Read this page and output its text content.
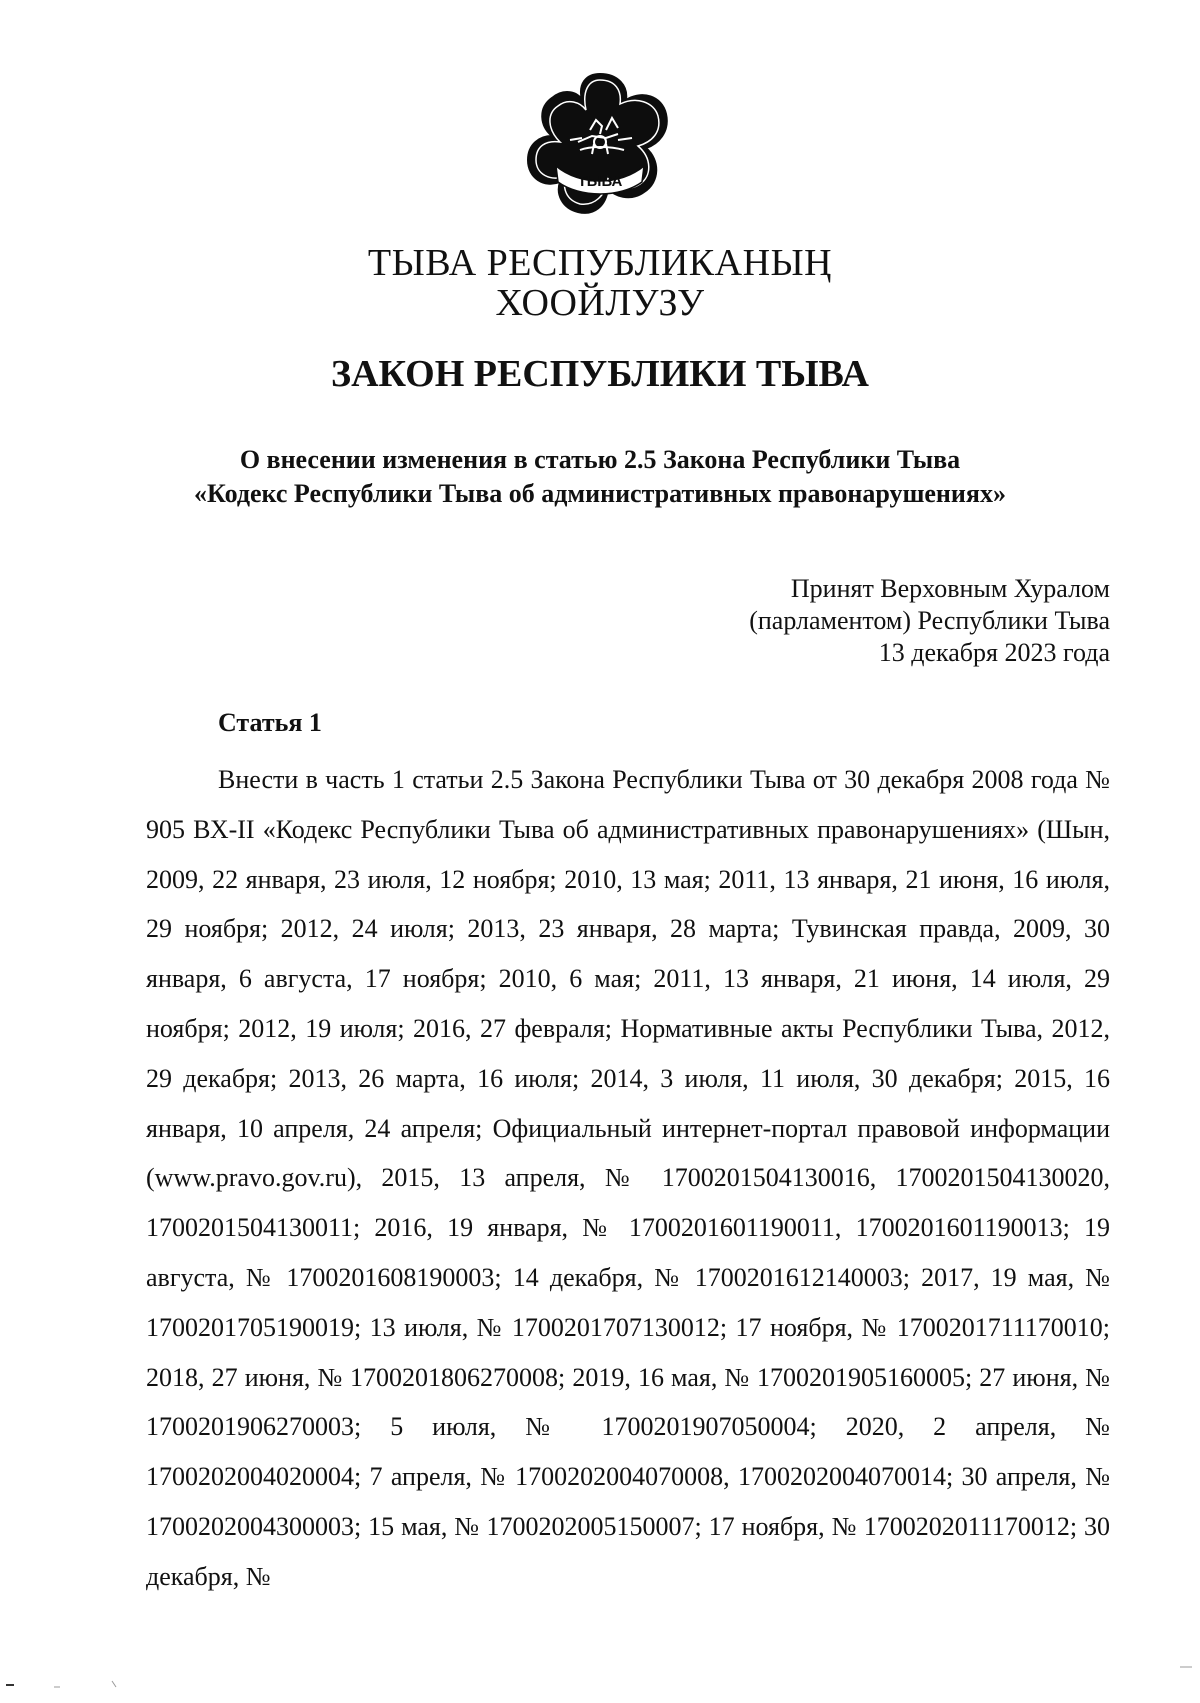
ТЫВА
ТЫВА РЕСПУБЛИКАНЫҢ
ХООЙЛУЗУ
ЗАКОН РЕСПУБЛИКИ ТЫВА
О внесении изменения в статью 2.5 Закона Республики Тыва
«Кодекс Республики Тыва об административных правонарушениях»
Принят Верховным Хуралом
(парламентом) Республики Тыва
13 декабря 2023 года
Статья 1
Внести в часть 1 статьи 2.5 Закона Республики Тыва от 30 декабря 2008 года № 905 ВХ-II «Кодекс Республики Тыва об административных правонарушениях» (Шын, 2009, 22 января, 23 июля, 12 ноября; 2010, 13 мая; 2011, 13 января, 21 июня, 16 июля, 29 ноября; 2012, 24 июля; 2013, 23 января, 28 марта; Тувинская правда, 2009, 30 января, 6 августа, 17 ноября; 2010, 6 мая; 2011, 13 января, 21 июня, 14 июля, 29 ноября; 2012, 19 июля; 2016, 27 февраля; Нормативные акты Республики Тыва, 2012, 29 декабря; 2013, 26 марта, 16 июля; 2014, 3 июля, 11 июля, 30 декабря; 2015, 16 января, 10 апреля, 24 апреля; Официальный интернет-портал правовой информации (www.pravo.gov.ru), 2015, 13 апреля, № 1700201504130016, 1700201504130020, 1700201504130011; 2016, 19 января, № 1700201601190011, 1700201601190013; 19 августа, № 1700201608190003; 14 декабря, № 1700201612140003; 2017, 19 мая, № 1700201705190019; 13 июля, № 1700201707130012; 17 ноября, № 1700201711170010; 2018, 27 июня, № 1700201806270008; 2019, 16 мая, № 1700201905160005; 27 июня, № 1700201906270003; 5 июля, № 1700201907050004; 2020, 2 апреля, № 1700202004020004; 7 апреля, № 1700202004070008, 1700202004070014; 30 апреля, № 1700202004300003; 15 мая, № 1700202005150007; 17 ноября, № 1700202011170012; 30 декабря, №
